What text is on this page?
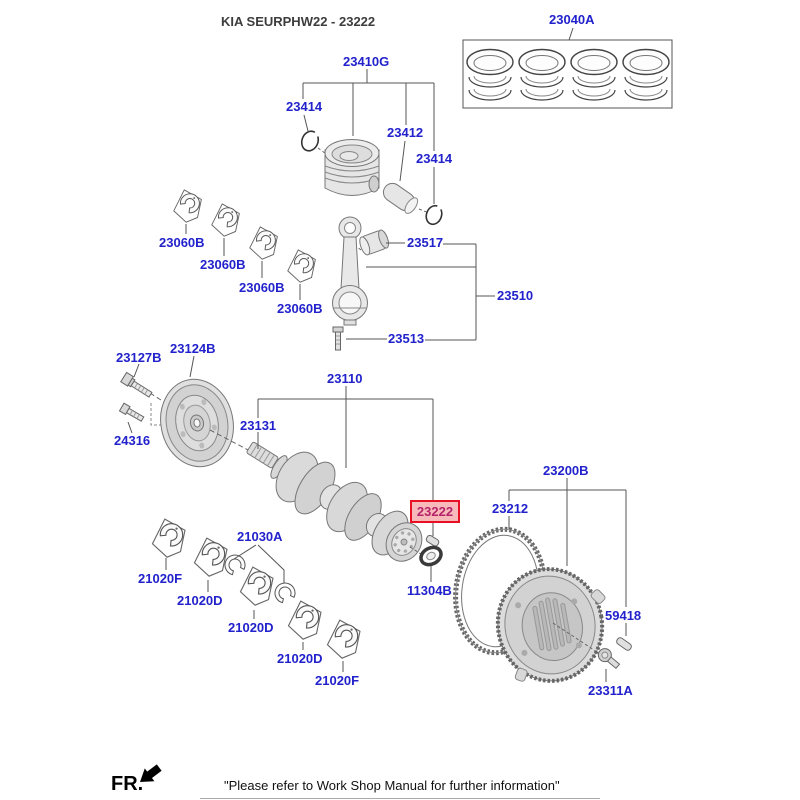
KIA SEURPHW22 - 23222	23040A
23410G
23414
23412
23414
23517
23510
23513
23060B
23060B
23060B
23060B
23127B
23124B
24316
23131
23110
23222
11304B
21030A
21020F
21020D
21020D
21020D
21020F
23200B
23212
59418
23311A
FR.	"Please refer to Work Shop Manual for further information"
